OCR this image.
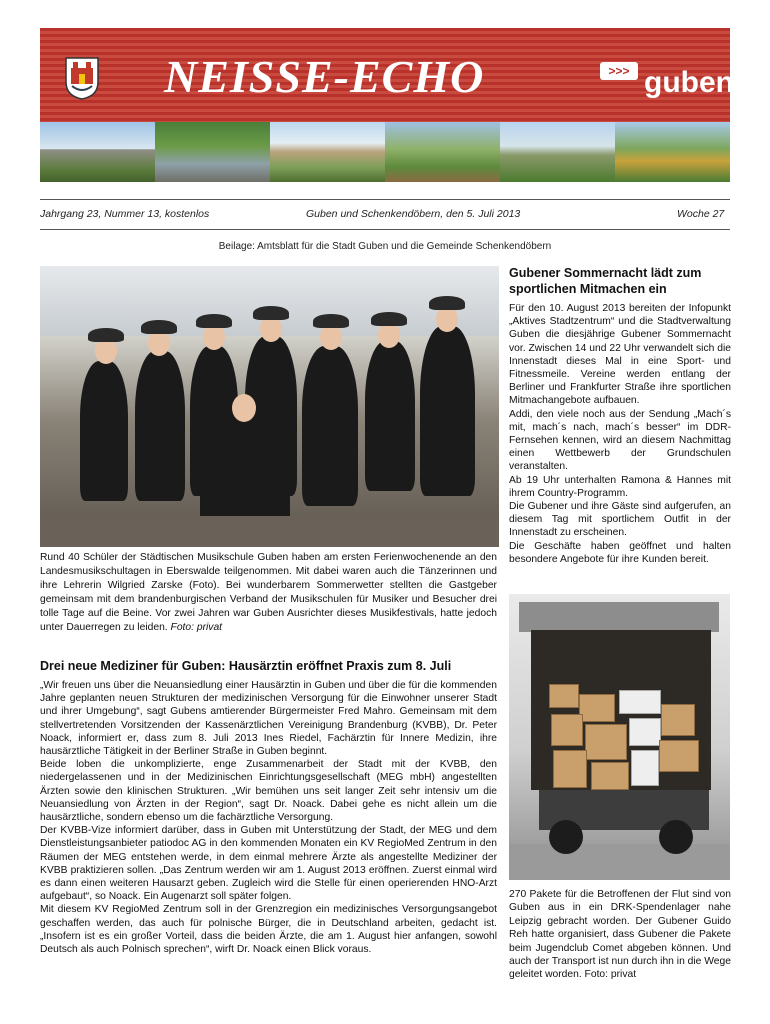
NEISSE-ECHO	>>> guben
Jahrgang 23, Nummer 13, kostenlos	Guben und Schenkendöbern, den 5. Juli 2013	Woche 27
Beilage: Amtsblatt für die Stadt Guben und die Gemeinde Schenkendöbern
Rund 40 Schüler der Städtischen Musikschule Guben haben am ersten Ferienwochenende an den Landesmusikschultagen in Eberswalde teilgenommen. Mit dabei waren auch die Tänzerinnen und ihre Lehrerin Wilgried Zarske (Foto). Bei wunderbarem Sommerwetter stellten die Gastgeber gemeinsam mit dem brandenburgischen Verband der Musikschulen für Musiker und Besucher drei tolle Tage auf die Beine. Vor zwei Jahren war Guben Ausrichter dieses Musikfestivals, hatte jedoch unter Dauerregen zu leiden. Foto: privat
Gubener Sommernacht lädt zum sportlichen Mitmachen ein

Für den 10. August 2013 bereiten der Infopunkt „Aktives Stadtzentrum“ und die Stadtverwaltung Guben die diesjährige Gubener Sommernacht vor. Zwischen 14 und 22 Uhr verwandelt sich die Innenstadt dieses Mal in eine Sport- und Fitnessmeile. Vereine werden entlang der Berliner und Frankfurter Straße ihre sportlichen Mitmachangebote aufbauen.

Addi, den viele noch aus der Sendung „Mach´s mit, mach´s nach, mach´s besser“ im DDR-Fernsehen kennen, wird an diesem Nachmittag einen Wettbewerb der Grundschulen veranstalten.

Ab 19 Uhr unterhalten Ramona & Hannes mit ihrem Country-Programm.

Die Gubener und ihre Gäste sind aufgerufen, an diesem Tag mit sportlichem Outfit in der Innenstadt zu erscheinen.

Die Geschäfte haben geöffnet und halten besondere Angebote für ihre Kunden bereit.

270 Pakete für die Betroffenen der Flut sind von Guben aus in ein DRK-Spendenlager nahe Leipzig gebracht worden. Der Gubener Guido Reh hatte organisiert, dass Gubener die Pakete beim Jugendclub Comet abgeben können. Und auch der Transport ist nun durch ihn in die Wege geleitet worden. Foto: privat
Drei neue Mediziner für Guben: Hausärztin eröffnet Praxis zum 8. Juli

„Wir freuen uns über die Neuansiedlung einer Hausärztin in Guben und über die für die kommenden Jahre geplanten neuen Strukturen der medizinischen Versorgung für die Einwohner unserer Stadt und ihrer Umgebung“, sagt Gubens amtierender Bürgermeister Fred Mahro. Gemeinsam mit dem stellvertretenden Vorsitzenden der Kassenärztlichen Vereinigung Brandenburg (KVBB), Dr. Peter Noack, informiert er, dass zum 8. Juli 2013 Ines Riedel, Fachärztin für Innere Medizin, ihre hausärztliche Tätigkeit in der Berliner Straße in Guben beginnt.

Beide loben die unkomplizierte, enge Zusammenarbeit der Stadt mit der KVBB, den niedergelassenen und in der Medizinischen Einrichtungsgesellschaft (MEG mbH) angestellten Ärzten sowie den klinischen Strukturen. „Wir bemühen uns seit langer Zeit sehr intensiv um die Neuansiedlung von Ärzten in der Region“, sagt Dr. Noack. Dabei gehe es nicht allein um die hausärztliche, sondern ebenso um die fachärztliche Versorgung.

Der KVBB-Vize informiert darüber, dass in Guben mit Unterstützung der Stadt, der MEG und dem Dienstleistungsanbieter patiodoc AG in den kommenden Monaten ein KV RegioMed Zentrum in den Räumen der MEG entstehen werde, in dem einmal mehrere Ärzte als angestellte Mediziner der KVBB praktizieren sollen. „Das Zentrum werden wir am 1. August 2013 eröffnen. Zuerst einmal wird es dann einen weiteren Hausarzt geben. Zugleich wird die Stelle für einen operierenden HNO-Arzt aufgebaut“, so Noack. Ein Augenarzt soll später folgen.

Mit diesem KV RegioMed Zentrum soll in der Grenzregion ein medizinisches Versorgungsangebot geschaffen werden, das auch für polnische Bürger, die in Deutschland arbeiten, gedacht ist. „Insofern ist es ein großer Vorteil, dass die beiden Ärzte, die am 1. August hier anfangen, sowohl Deutsch als auch Polnisch sprechen“, wirft Dr. Noack einen Blick voraus.
